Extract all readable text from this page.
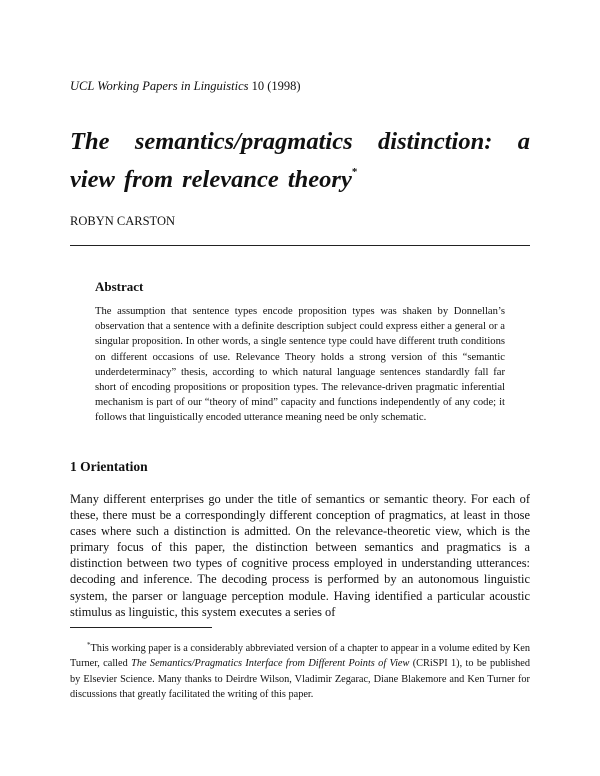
UCL Working Papers in Linguistics 10 (1998)
The semantics/pragmatics distinction: a view from relevance theory*
ROBYN CARSTON
Abstract
The assumption that sentence types encode proposition types was shaken by Donnellan’s observation that a sentence with a definite description subject could express either a general or a singular proposition. In other words, a single sentence type could have different truth conditions on different occasions of use. Relevance Theory holds a strong version of this “semantic underdeterminacy” thesis, according to which natural language sentences standardly fall far short of encoding propositions or proposition types. The relevance-driven pragmatic inferential mechanism is part of our “theory of mind” capacity and functions independently of any code; it follows that linguistically encoded utterance meaning need be only schematic.
1 Orientation
Many different enterprises go under the title of semantics or semantic theory. For each of these, there must be a correspondingly different conception of pragmatics, at least in those cases where such a distinction is admitted. On the relevance-theoretic view, which is the primary focus of this paper, the distinction between semantics and pragmatics is a distinction between two types of cognitive process employed in understanding utterances: decoding and inference. The decoding process is performed by an autonomous linguistic system, the parser or language perception module. Having identified a particular acoustic stimulus as linguistic, this system executes a series of
*This working paper is a considerably abbreviated version of a chapter to appear in a volume edited by Ken Turner, called The Semantics/Pragmatics Interface from Different Points of View (CRiSPI 1), to be published by Elsevier Science. Many thanks to Deirdre Wilson, Vladimir Zegarac, Diane Blakemore and Ken Turner for discussions that greatly facilitated the writing of this paper.
